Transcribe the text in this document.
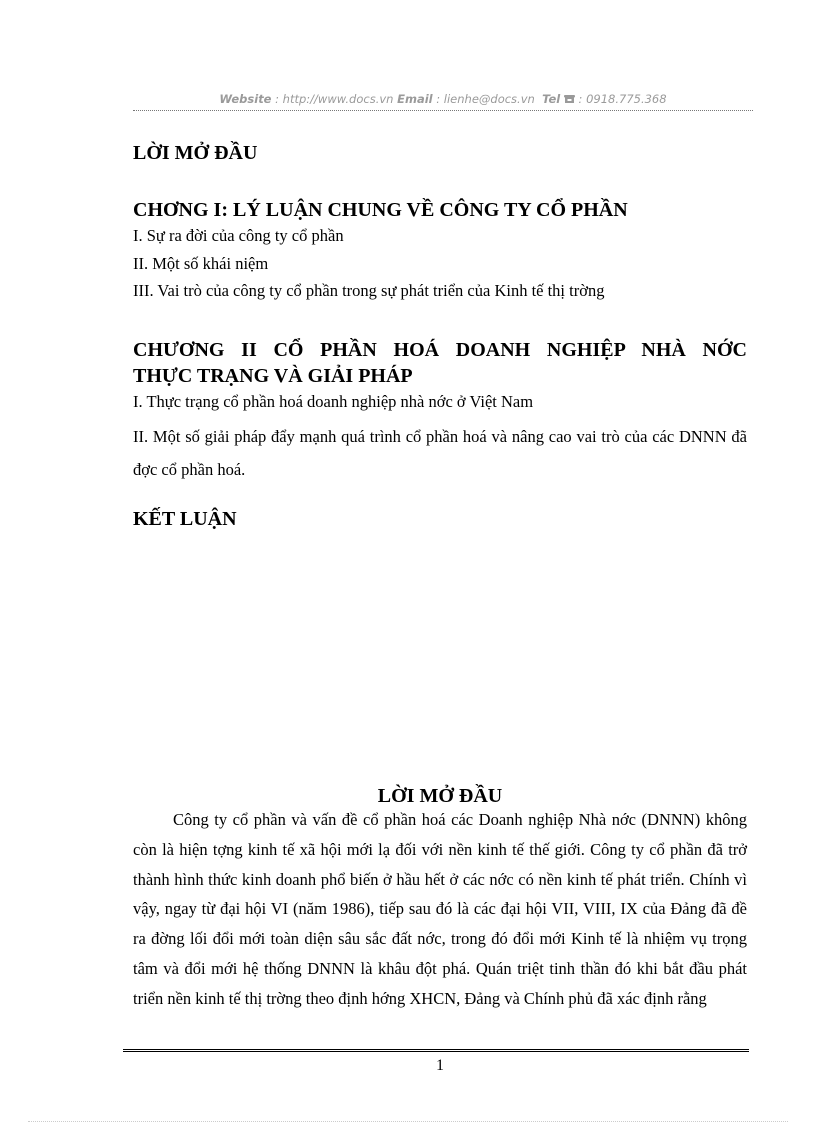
Website : http://www.docs.vn Email : lienhe@docs.vn Tel : 0918.775.368
LỜI MỞ ĐẦU
CHƠNG I: LÝ LUẬN CHUNG VỀ CÔNG TY CỔ PHẦN

I. Sự ra đời của công ty cổ phần

II. Một số khái niệm

III. Vai trò của công ty cổ phần trong sự phát triển của Kinh tế thị trờng

CHƯƠNG II CỔ PHẦN HOÁ DOANH NGHIỆP NHÀ NỚC
THỰC TRẠNG VÀ GIẢI PHÁP

I. Thực trạng cổ phần hoá doanh nghiệp nhà nớc ở Việt Nam

II. Một số giải pháp đẩy mạnh quá trình cổ phần hoá và nâng cao vai trò của các DNNN đã đợc cổ phần hoá.

KẾT LUẬN
LỜI MỞ ĐẦU

Công ty cổ phần và vấn đề cổ phần hoá các Doanh nghiệp Nhà nớc (DNNN) không còn là hiện tợng kinh tế xã hội mới lạ đối với nền kinh tế thế giới. Công ty cổ phần đã trở thành hình thức kinh doanh phổ biến ở hầu hết ở các nớc có nền kinh tế phát triển. Chính vì vậy, ngay từ đại hội VI (năm 1986), tiếp sau đó là các đại hội VII, VIII, IX của Đảng đã đề ra đờng lối đổi mới toàn diện sâu sắc đất nớc, trong đó đổi mới Kinh tế là nhiệm vụ trọng tâm và đổi mới hệ thống DNNN là khâu đột phá. Quán triệt tinh thần đó khi bắt đầu phát triển nền kinh tế thị trờng theo định hớng XHCN, Đảng và Chính phủ đã xác định rằng

1
